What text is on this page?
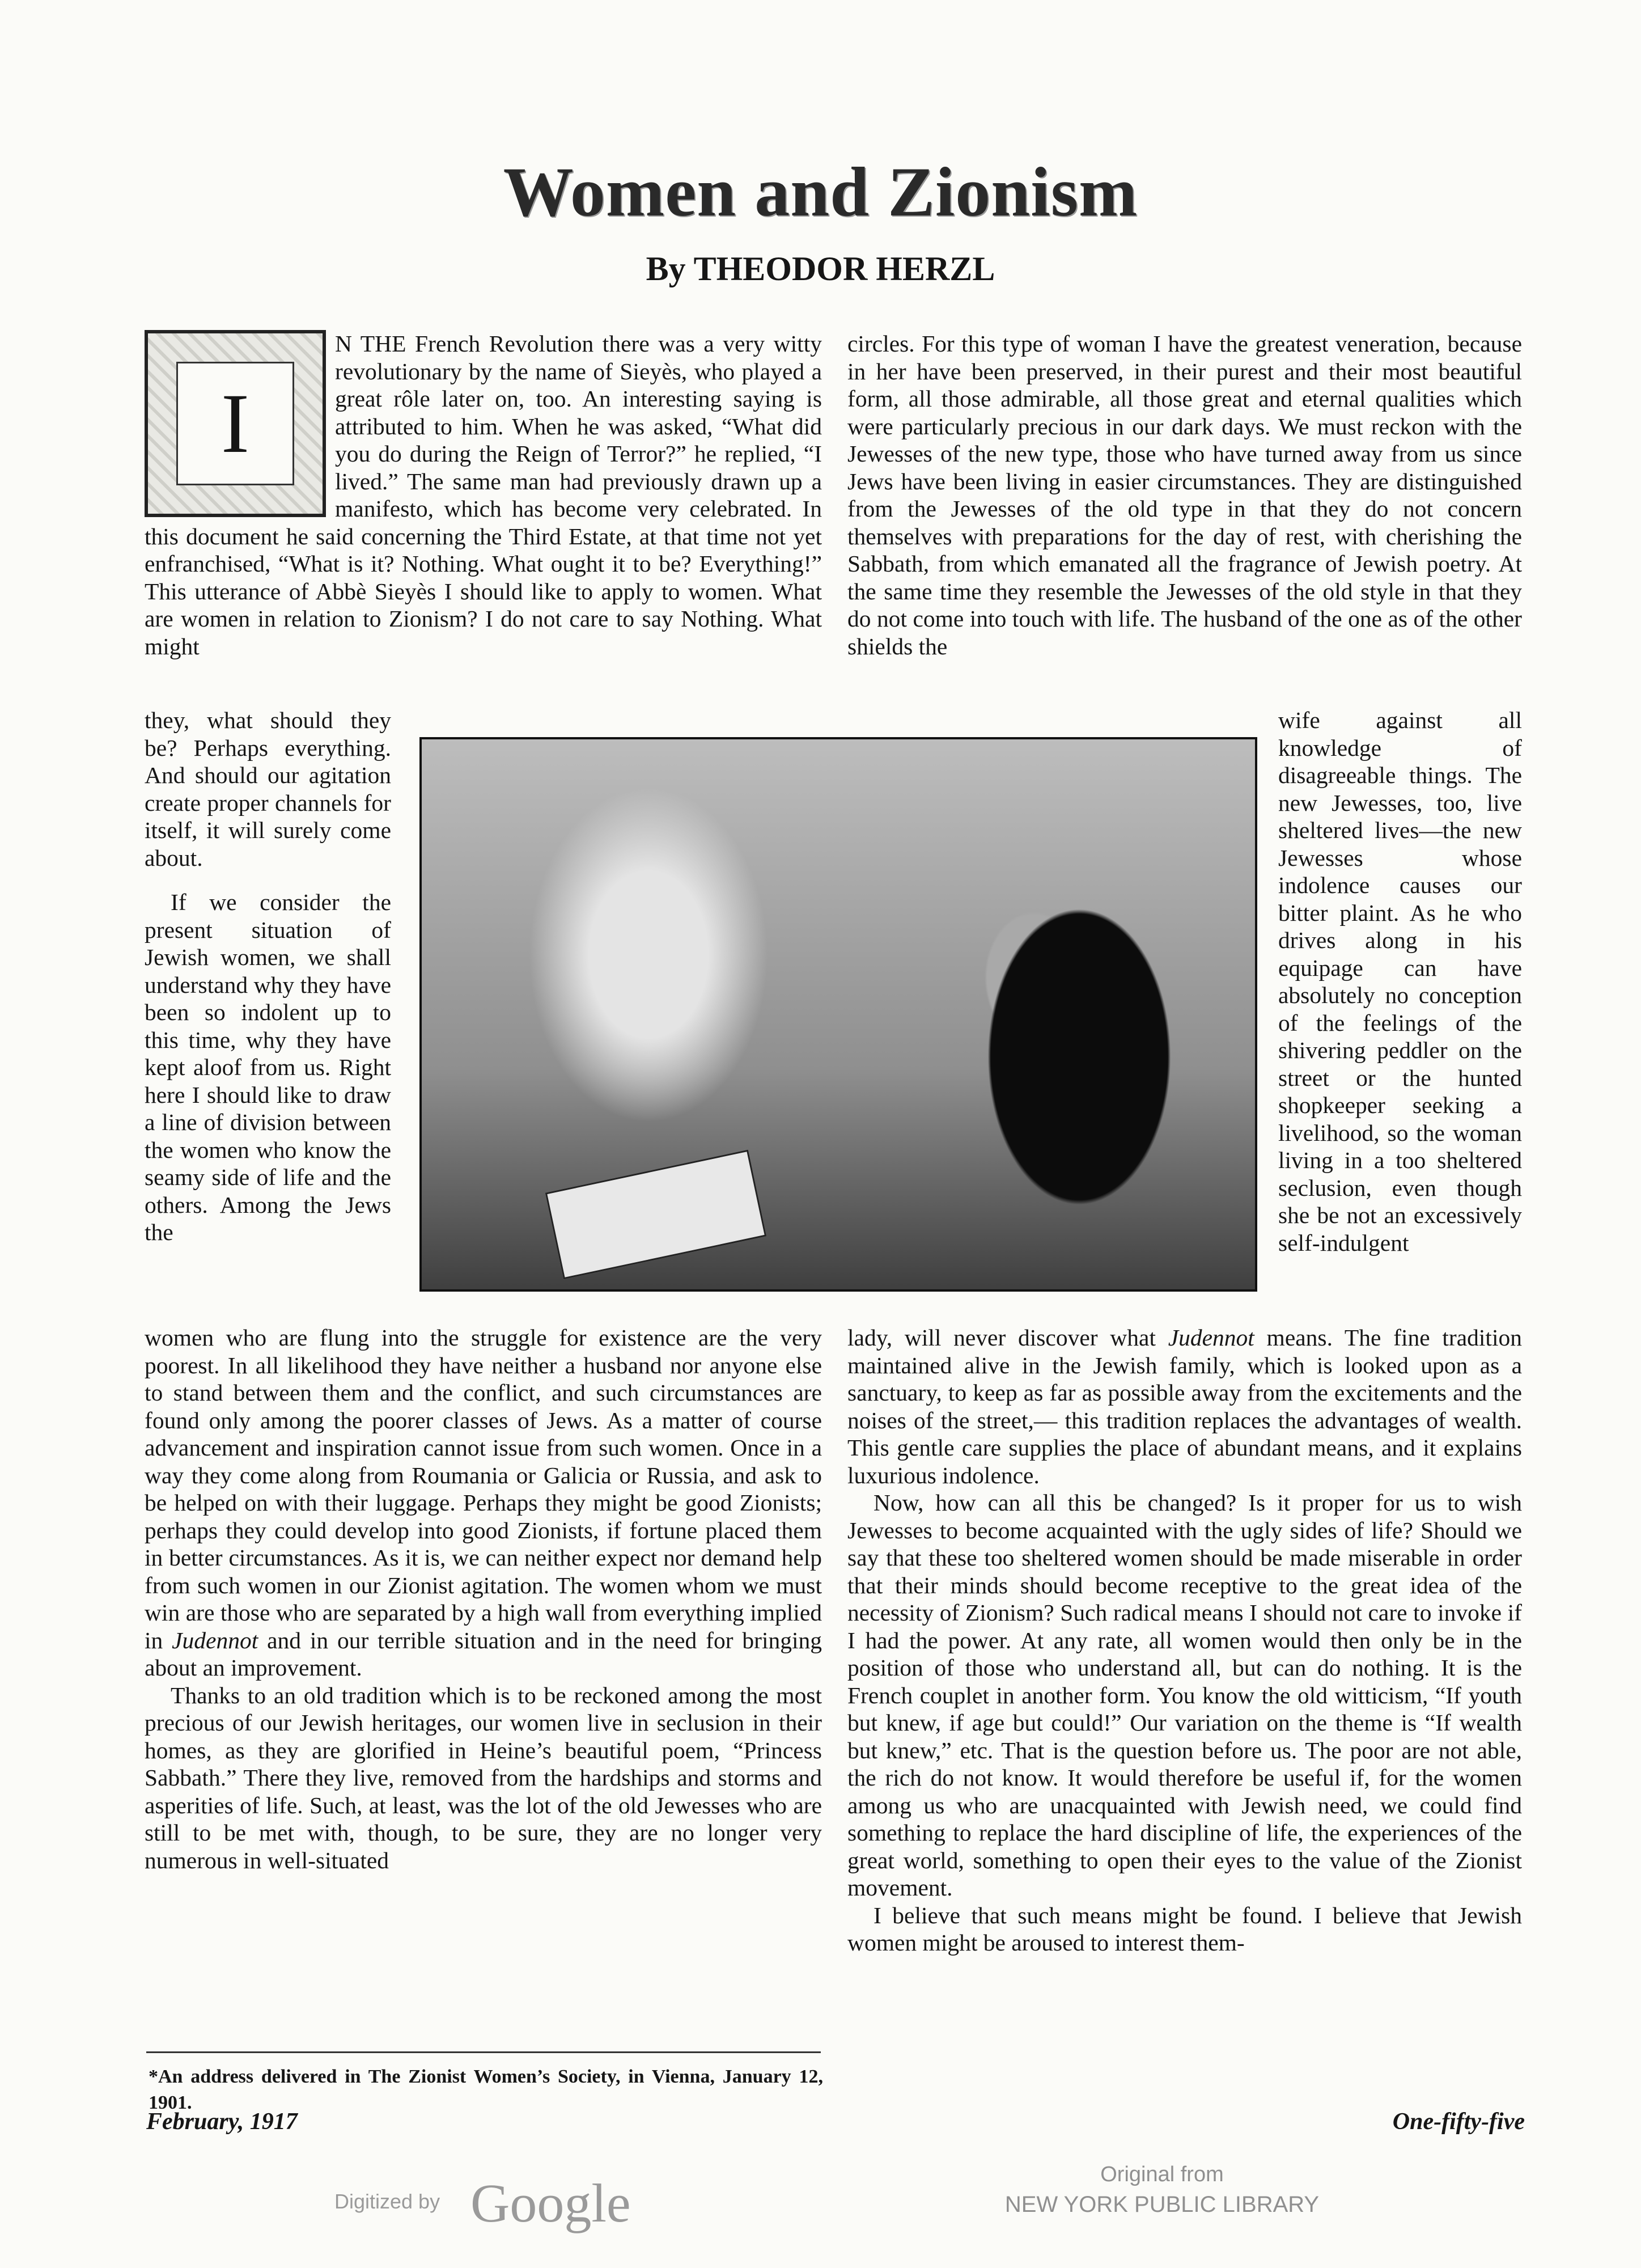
Women and Zionism
By THEODOR HERZL
I

N THE French Revolution there was a very witty revolutionary by the name of Sieyès, who played a great rôle later on, too. An interesting saying is attributed to him. When he was asked, “What did you do during the Reign of Terror?” he replied, “I lived.” The same man had previously drawn up a manifesto, which has become very celebrated. In this document he said concerning the Third Estate, at that time not yet enfranchised, “What is it? Nothing. What ought it to be? Everything!” This utterance of Abbè Sieyès I should like to apply to women. What are women in relation to Zionism? I do not care to say Nothing. What might

circles. For this type of woman I have the greatest veneration, because in her have been preserved, in their purest and their most beautiful form, all those admirable, all those great and eternal qualities which were particularly precious in our dark days. We must reckon with the Jewesses of the new type, those who have turned away from us since Jews have been living in easier circumstances. They are distinguished from the Jewesses of the old type in that they do not concern themselves with preparations for the day of rest, with cherishing the Sabbath, from which emanated all the fragrance of Jewish poetry. At the same time they resemble the Jewesses of the old style in that they do not come into touch with life. The husband of the one as of the other shields the

they, what should they be? Perhaps everything. And should our agitation create proper channels for itself, it will surely come about.

If we consider the present situation of Jewish women, we shall understand why they have been so indolent up to this time, why they have kept aloof from us. Right here I should like to draw a line of division between the women who know the seamy side of life and the others. Among the Jews the

wife against all knowledge of disagreeable things. The new Jewesses, too, live sheltered lives—the new Jewesses whose indolence causes our bitter plaint. As he who drives along in his equipage can have absolutely no conception of the feelings of the shivering peddler on the street or the hunted shopkeeper seeking a livelihood, so the woman living in a too sheltered seclusion, even though she be not an excessively self-indulgent

women who are flung into the struggle for existence are the very poorest. In all likelihood they have neither a husband nor anyone else to stand between them and the conflict, and such circumstances are found only among the poorer classes of Jews. As a matter of course advancement and inspiration cannot issue from such women. Once in a way they come along from Roumania or Galicia or Russia, and ask to be helped on with their luggage. Perhaps they might be good Zionists; perhaps they could develop into good Zionists, if fortune placed them in better circumstances. As it is, we can neither expect nor demand help from such women in our Zionist agitation. The women whom we must win are those who are separated by a high wall from everything implied in Judennot and in our terrible situation and in the need for bringing about an improvement.

Thanks to an old tradition which is to be reckoned among the most precious of our Jewish heritages, our women live in seclusion in their homes, as they are glorified in Heine’s beautiful poem, “Princess Sabbath.” There they live, removed from the hardships and storms and asperities of life. Such, at least, was the lot of the old Jewesses who are still to be met with, though, to be sure, they are no longer very numerous in well-situated

lady, will never discover what Judennot means. The fine tradition maintained alive in the Jewish family, which is looked upon as a sanctuary, to keep as far as possible away from the excitements and the noises of the street,— this tradition replaces the advantages of wealth. This gentle care supplies the place of abundant means, and it explains luxurious indolence.

Now, how can all this be changed? Is it proper for us to wish Jewesses to become acquainted with the ugly sides of life? Should we say that these too sheltered women should be made miserable in order that their minds should become receptive to the great idea of the necessity of Zionism? Such radical means I should not care to invoke if I had the power. At any rate, all women would then only be in the position of those who understand all, but can do nothing. It is the French couplet in another form. You know the old witticism, “If youth but knew, if age but could!” Our variation on the theme is “If wealth but knew,” etc. That is the question before us. The poor are not able, the rich do not know. It would therefore be useful if, for the women among us who are unacquainted with Jewish need, we could find something to replace the hard discipline of life, the experiences of the great world, something to open their eyes to the value of the Zionist movement.

I believe that such means might be found. I believe that Jewish women might be aroused to interest them-

*An address delivered in The Zionist Women’s Society, in Vienna, January 12, 1901.

February, 1917	One-fifty-five

Digitized by Google	Original from
NEW YORK PUBLIC LIBRARY
